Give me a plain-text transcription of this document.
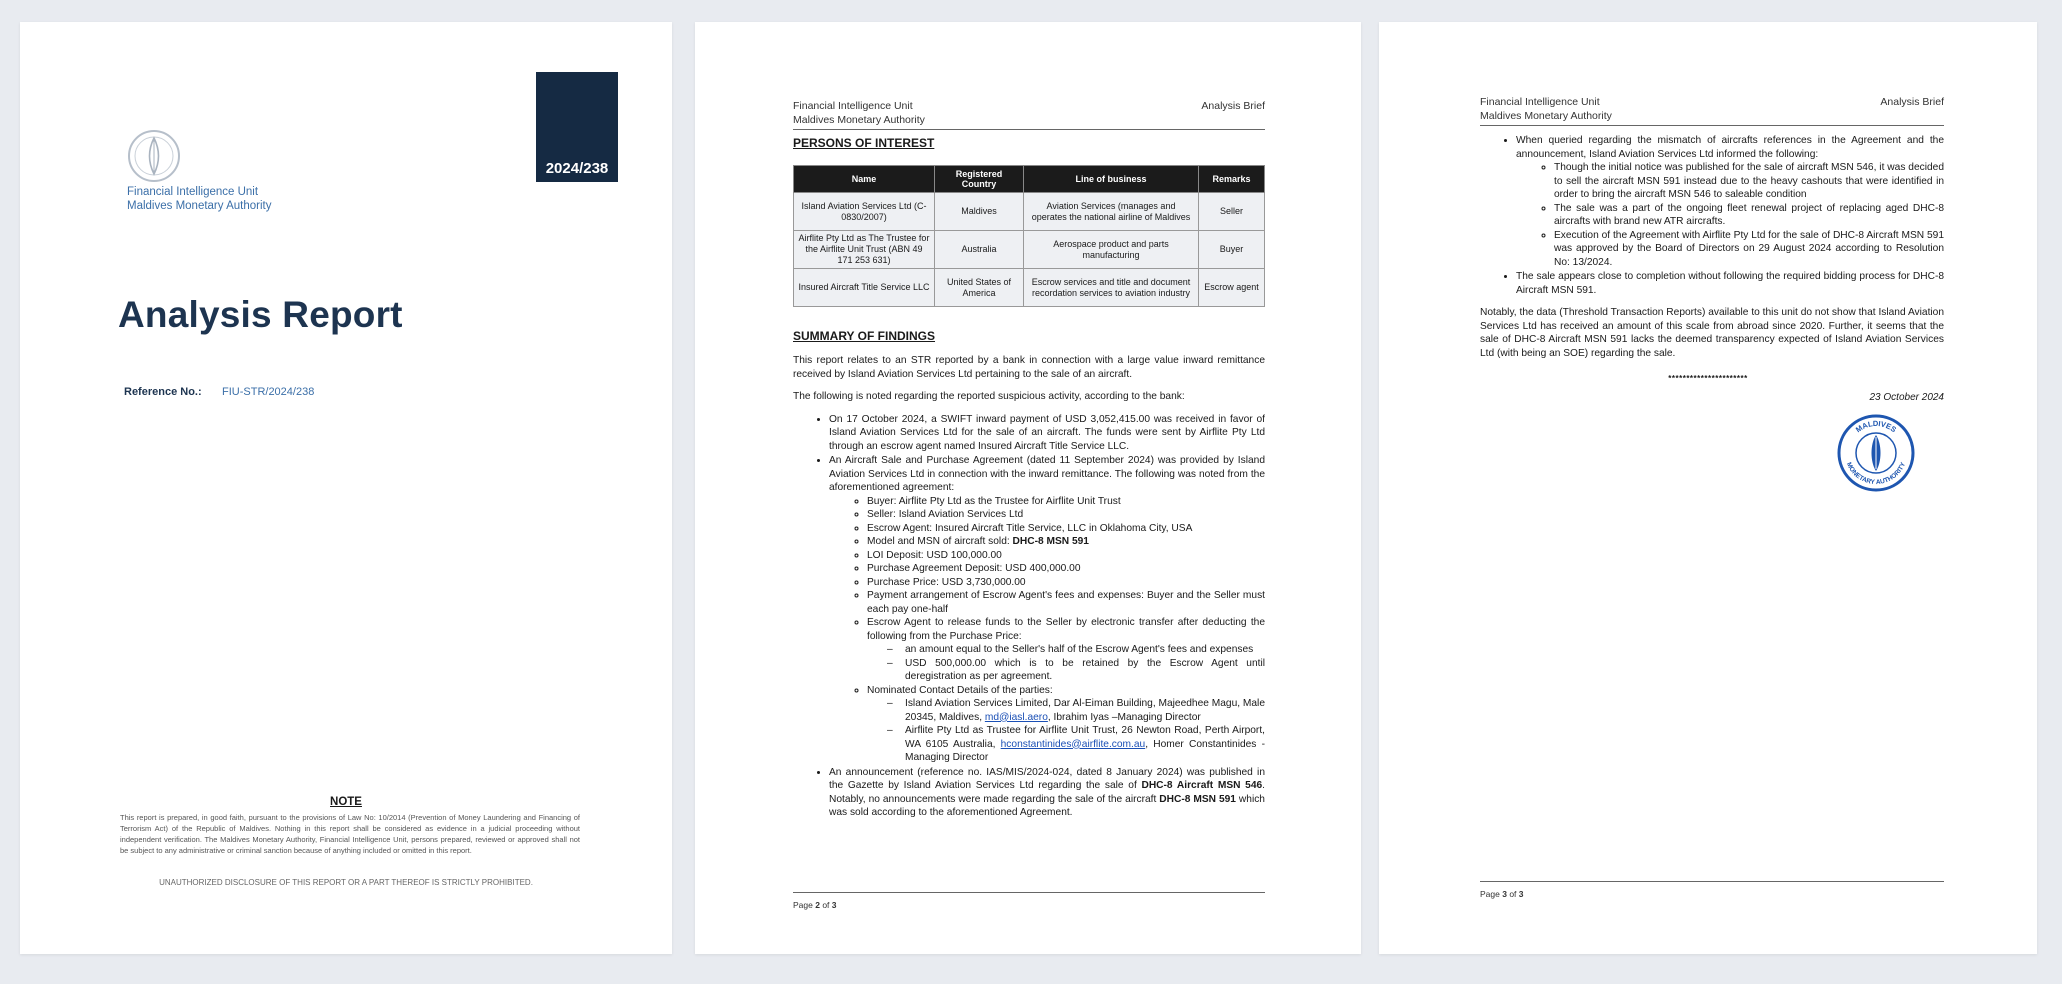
Financial Intelligence Unit
Maldives Monetary Authority
2024/238
Analysis Report
Reference No.: FIU-STR/2024/238
NOTE
This report is prepared, in good faith, pursuant to the provisions of Law No: 10/2014 (Prevention of Money Laundering and Financing of Terrorism Act) of the Republic of Maldives. Nothing in this report shall be considered as evidence in a judicial proceeding without independent verification. The Maldives Monetary Authority, Financial Intelligence Unit, persons prepared, reviewed or approved shall not be subject to any administrative or criminal sanction because of anything included or omitted in this report.
UNAUTHORIZED DISCLOSURE OF THIS REPORT OR A PART THEREOF IS STRICTLY PROHIBITED.
Financial Intelligence Unit
Maldives Monetary Authority
Analysis Brief
PERSONS OF INTEREST
Name	Registered Country	Line of business	Remarks
Island Aviation Services Ltd (C-0830/2007)	Maldives	Aviation Services (manages and operates the national airline of Maldives	Seller
Airflite Pty Ltd as The Trustee for the Airflite Unit Trust (ABN 49 171 253 631)	Australia	Aerospace product and parts manufacturing	Buyer
Insured Aircraft Title Service LLC	United States of America	Escrow services and title and document recordation services to aviation industry	Escrow agent
SUMMARY OF FINDINGS

This report relates to an STR reported by a bank in connection with a large value inward remittance received by Island Aviation Services Ltd pertaining to the sale of an aircraft.

The following is noted regarding the reported suspicious activity, according to the bank:

• On 17 October 2024, a SWIFT inward payment of USD 3,052,415.00 was received in favor of Island Aviation Services Ltd for the sale of an aircraft. The funds were sent by Airflite Pty Ltd through an escrow agent named Insured Aircraft Title Service LLC.
• An Aircraft Sale and Purchase Agreement (dated 11 September 2024) was provided by Island Aviation Services Ltd in connection with the inward remittance. The following was noted from the aforementioned agreement:
◦ Buyer: Airflite Pty Ltd as the Trustee for Airflite Unit Trust
◦ Seller: Island Aviation Services Ltd
◦ Escrow Agent: Insured Aircraft Title Service, LLC in Oklahoma City, USA
◦ Model and MSN of aircraft sold: DHC-8 MSN 591
◦ LOI Deposit: USD 100,000.00
◦ Purchase Agreement Deposit: USD 400,000.00
◦ Purchase Price: USD 3,730,000.00
◦ Payment arrangement of Escrow Agent's fees and expenses: Buyer and the Seller must each pay one-half
◦ Escrow Agent to release funds to the Seller by electronic transfer after deducting the following from the Purchase Price:
– an amount equal to the Seller's half of the Escrow Agent's fees and expenses
– USD 500,000.00 which is to be retained by the Escrow Agent until deregistration as per agreement.
◦ Nominated Contact Details of the parties:
– Island Aviation Services Limited, Dar Al-Eiman Building, Majeedhee Magu, Male 20345, Maldives, md@iasl.aero, Ibrahim Iyas –Managing Director
– Airflite Pty Ltd as Trustee for Airflite Unit Trust, 26 Newton Road, Perth Airport, WA 6105 Australia, hconstantinides@airflite.com.au, Homer Constantinides - Managing Director
• An announcement (reference no. IAS/MIS/2024-024, dated 8 January 2024) was published in the Gazette by Island Aviation Services Ltd regarding the sale of DHC-8 Aircraft MSN 546. Notably, no announcements were made regarding the sale of the aircraft DHC-8 MSN 591 which was sold according to the aforementioned Agreement.
Page 2 of 3
Financial Intelligence Unit
Maldives Monetary Authority
Analysis Brief
• When queried regarding the mismatch of aircrafts references in the Agreement and the announcement, Island Aviation Services Ltd informed the following:
◦ Though the initial notice was published for the sale of aircraft MSN 546, it was decided to sell the aircraft MSN 591 instead due to the heavy cashouts that were identified in order to bring the aircraft MSN 546 to saleable condition
◦ The sale was a part of the ongoing fleet renewal project of replacing aged DHC-8 aircrafts with brand new ATR aircrafts.
◦ Execution of the Agreement with Airflite Pty Ltd for the sale of DHC-8 Aircraft MSN 591 was approved by the Board of Directors on 29 August 2024 according to Resolution No: 13/2024.
• The sale appears close to completion without following the required bidding process for DHC-8 Aircraft MSN 591.

Notably, the data (Threshold Transaction Reports) available to this unit do not show that Island Aviation Services Ltd has received an amount of this scale from abroad since 2020. Further, it seems that the sale of DHC-8 Aircraft MSN 591 lacks the deemed transparency expected of Island Aviation Services Ltd (with being an SOE) regarding the sale.

**********************
23 October 2024
MALDIVES
MONETARY AUTHORITY
Page 3 of 3
